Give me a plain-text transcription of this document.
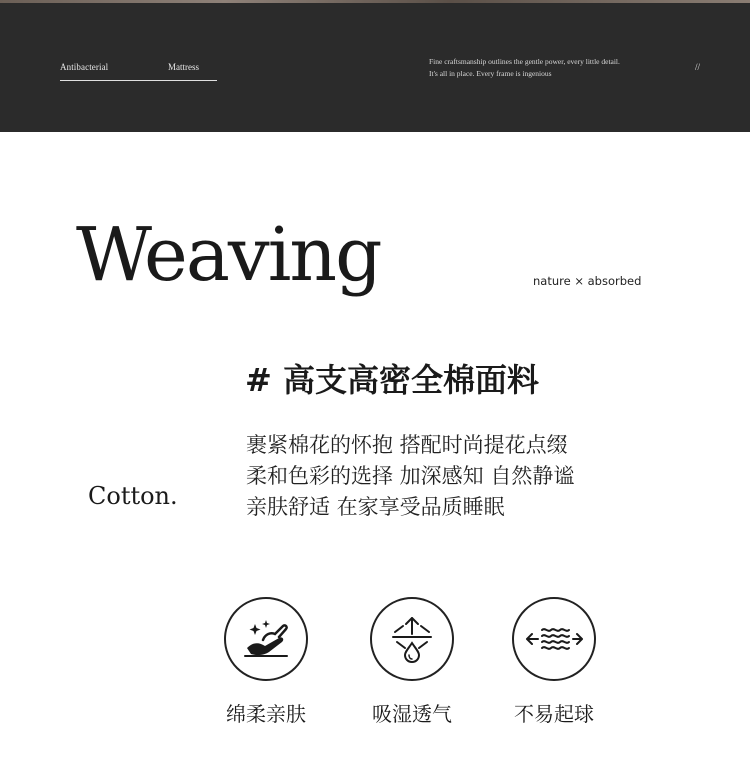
Antibacterial	Mattress
Fine craftsmanship outlines the gentle power, every little detail.
It's all in place. Every frame is ingenious
//
Weaving	nature × absorbed
# 高支高密全棉面料
裹紧棉花的怀抱 搭配时尚提花点缀
柔和色彩的选择 加深感知 自然静谧
亲肤舒适 在家享受品质睡眠
Cotton.
绵柔亲肤	吸湿透气	不易起球
